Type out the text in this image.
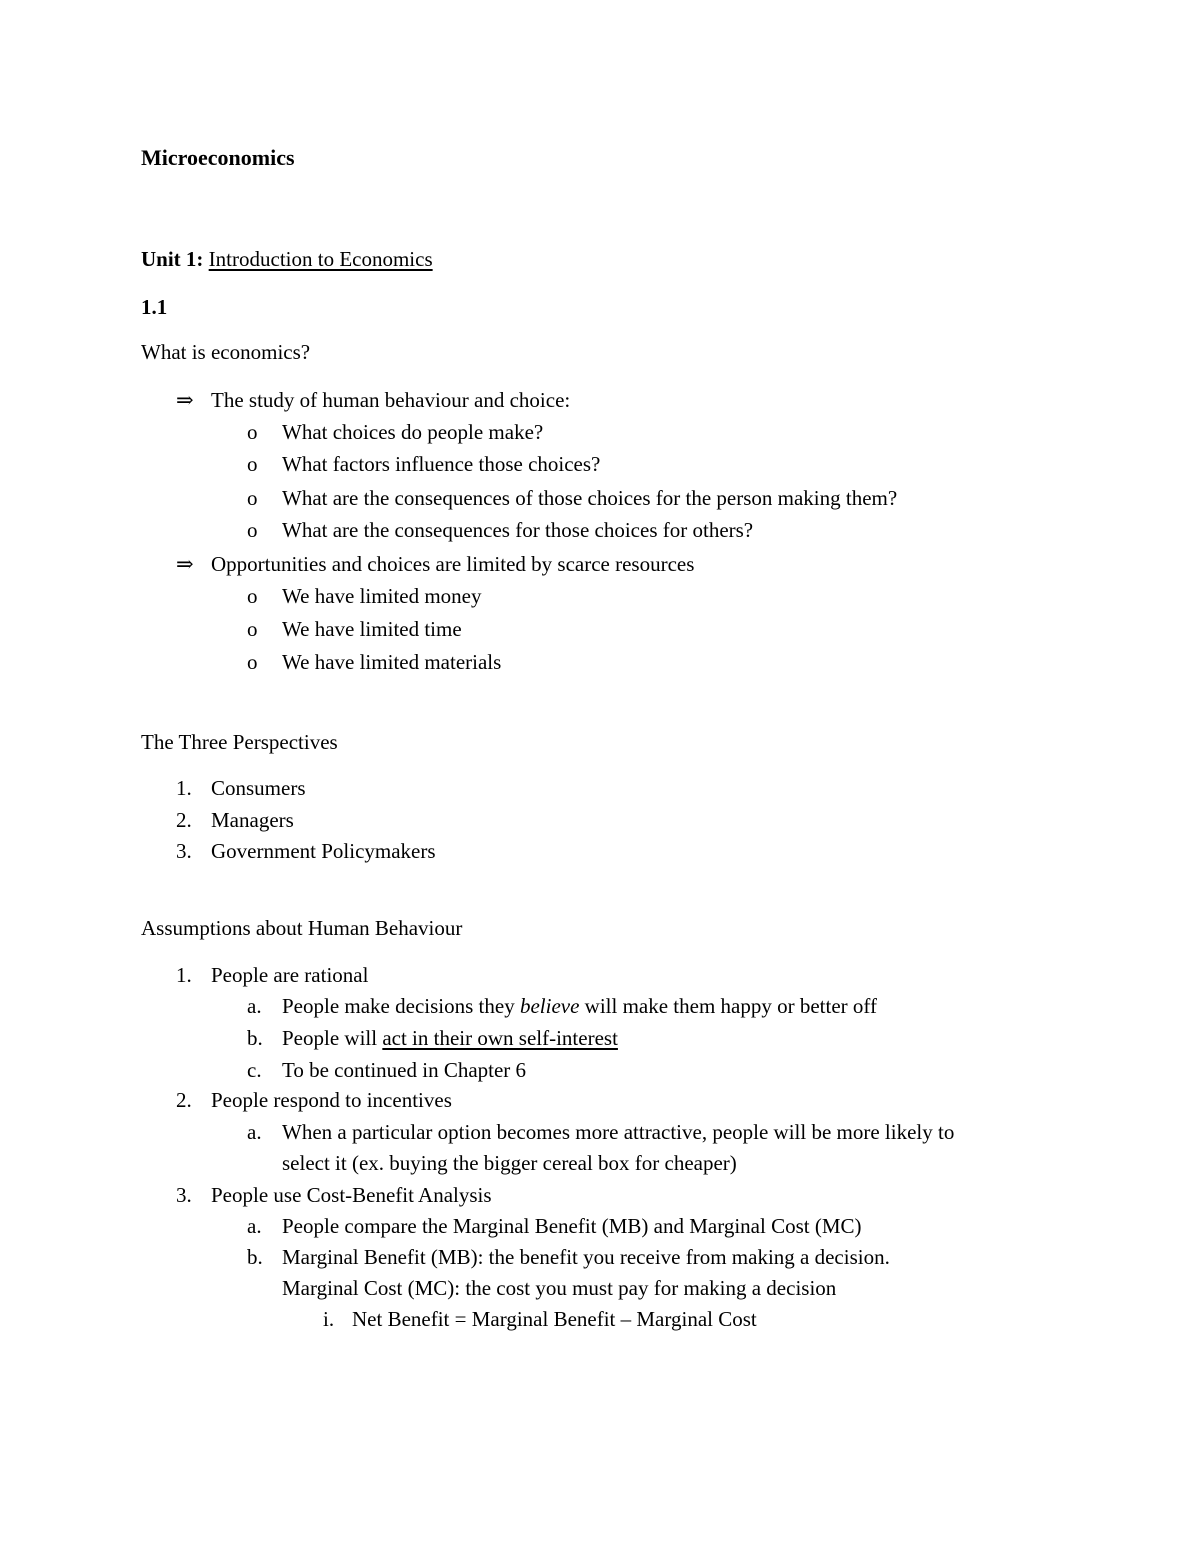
Microeconomics
Unit 1: Introduction to Economics
1.1
What is economics?
⇒ The study of human behaviour and choice:
o What choices do people make?
o What factors influence those choices?
o What are the consequences of those choices for the person making them?
o What are the consequences for those choices for others?
⇒ Opportunities and choices are limited by scarce resources
o We have limited money
o We have limited time
o We have limited materials
The Three Perspectives
1. Consumers
2. Managers
3. Government Policymakers
Assumptions about Human Behaviour
1. People are rational
a. People make decisions they believe will make them happy or better off
b. People will act in their own self-interest
c. To be continued in Chapter 6
2. People respond to incentives
a. When a particular option becomes more attractive, people will be more likely to
select it (ex. buying the bigger cereal box for cheaper)
3. People use Cost-Benefit Analysis
a. People compare the Marginal Benefit (MB) and Marginal Cost (MC)
b. Marginal Benefit (MB): the benefit you receive from making a decision.
Marginal Cost (MC): the cost you must pay for making a decision
i. Net Benefit = Marginal Benefit – Marginal Cost
